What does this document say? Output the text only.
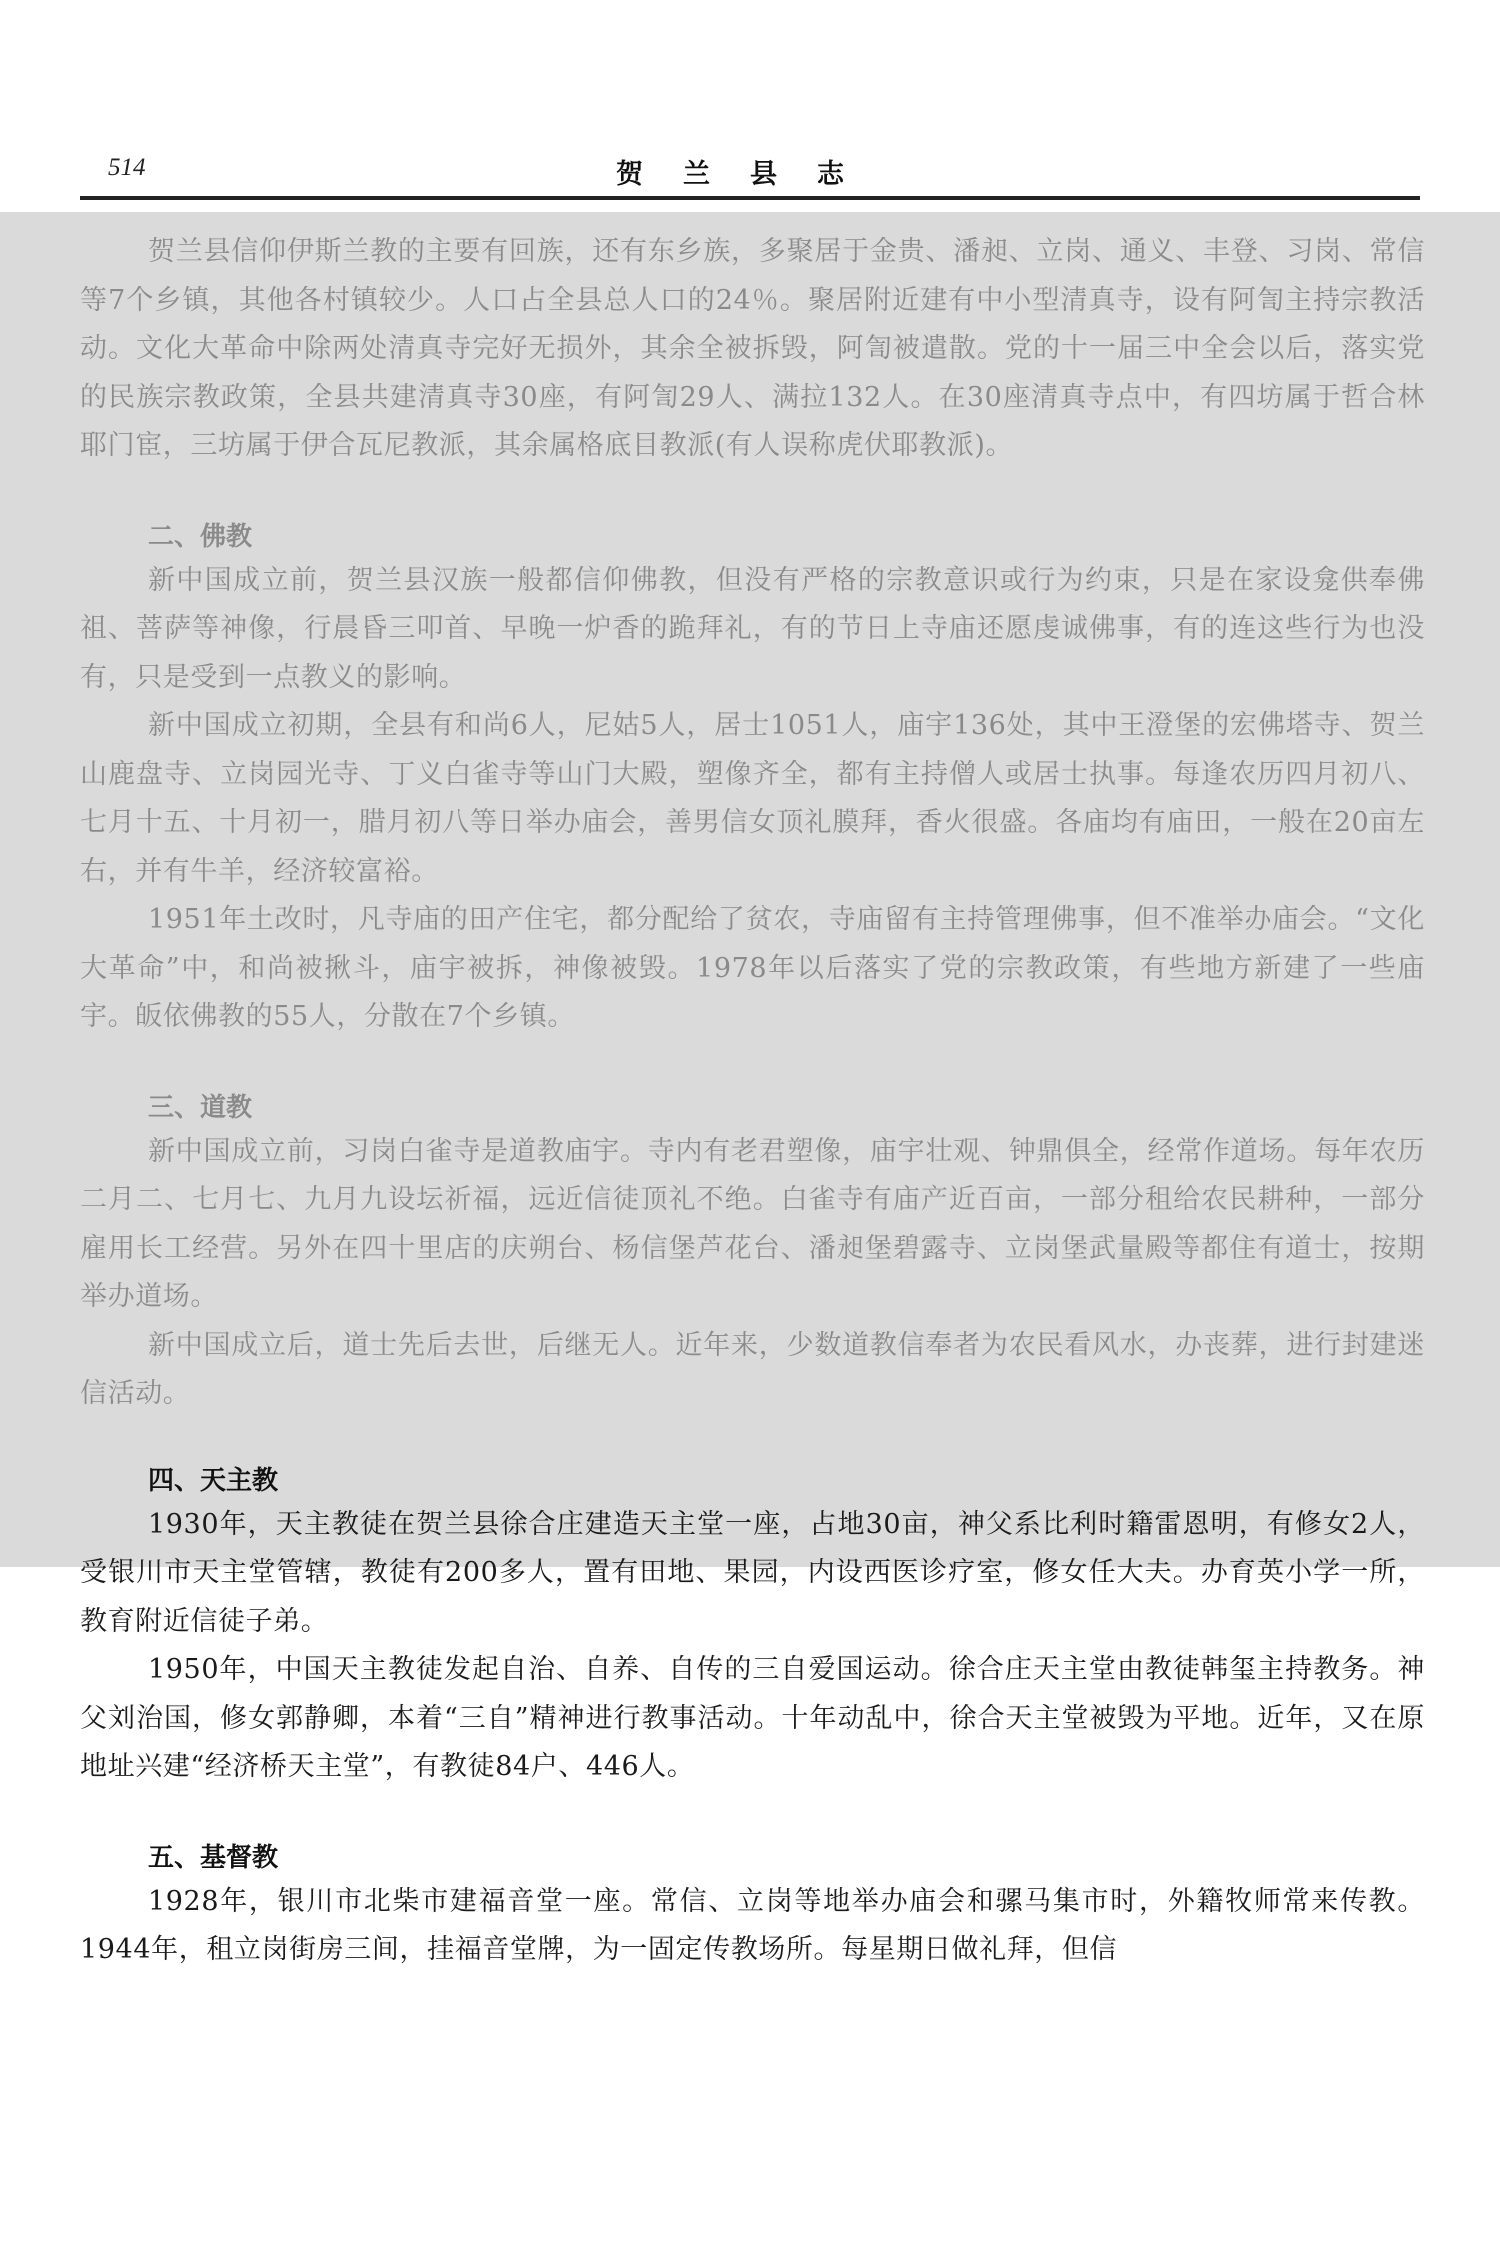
514	贺兰县志

贺兰县信仰伊斯兰教的主要有回族，还有东乡族，多聚居于金贵、潘昶、立岗、通义、丰登、习岗、常信等7个乡镇，其他各村镇较少。人口占全县总人口的24％。聚居附近建有中小型清真寺，设有阿訇主持宗教活动。文化大革命中除两处清真寺完好无损外，其余全被拆毁，阿訇被遣散。党的十一届三中全会以后，落实党的民族宗教政策，全县共建清真寺30座，有阿訇29人、满拉132人。在30座清真寺点中，有四坊属于哲合林耶门宦，三坊属于伊合瓦尼教派，其余属格底目教派(有人误称虎伏耶教派)。

二、佛教

新中国成立前，贺兰县汉族一般都信仰佛教，但没有严格的宗教意识或行为约束，只是在家设龛供奉佛祖、菩萨等神像，行晨昏三叩首、早晚一炉香的跪拜礼，有的节日上寺庙还愿虔诚佛事，有的连这些行为也没有，只是受到一点教义的影响。

新中国成立初期，全县有和尚6人，尼姑5人，居士1051人，庙宇136处，其中王澄堡的宏佛塔寺、贺兰山鹿盘寺、立岗园光寺、丁义白雀寺等山门大殿，塑像齐全，都有主持僧人或居士执事。每逢农历四月初八、七月十五、十月初一，腊月初八等日举办庙会，善男信女顶礼膜拜，香火很盛。各庙均有庙田，一般在20亩左右，并有牛羊，经济较富裕。

1951年土改时，凡寺庙的田产住宅，都分配给了贫农，寺庙留有主持管理佛事，但不准举办庙会。“文化大革命”中，和尚被揪斗，庙宇被拆，神像被毁。1978年以后落实了党的宗教政策，有些地方新建了一些庙宇。皈依佛教的55人，分散在7个乡镇。

三、道教

新中国成立前，习岗白雀寺是道教庙宇。寺内有老君塑像，庙宇壮观、钟鼎俱全，经常作道场。每年农历二月二、七月七、九月九设坛祈福，远近信徒顶礼不绝。白雀寺有庙产近百亩，一部分租给农民耕种，一部分雇用长工经营。另外在四十里店的庆朔台、杨信堡芦花台、潘昶堡碧露寺、立岗堡武量殿等都住有道士，按期举办道场。

新中国成立后，道士先后去世，后继无人。近年来，少数道教信奉者为农民看风水，办丧葬，进行封建迷信活动。

四、天主教

1930年，天主教徒在贺兰县徐合庄建造天主堂一座，占地30亩，神父系比利时籍雷恩明，有修女2人，受银川市天主堂管辖，教徒有200多人，置有田地、果园，内设西医诊疗室，修女任大夫。办育英小学一所，教育附近信徒子弟。

1950年，中国天主教徒发起自治、自养、自传的三自爱国运动。徐合庄天主堂由教徒韩玺主持教务。神父刘治国，修女郭静卿，本着“三自”精神进行教事活动。十年动乱中，徐合天主堂被毁为平地。近年，又在原地址兴建“经济桥天主堂”，有教徒84户、446人。

五、基督教

1928年，银川市北柴市建福音堂一座。常信、立岗等地举办庙会和骡马集市时，外籍牧师常来传教。1944年，租立岗街房三间，挂福音堂牌，为一固定传教场所。每星期日做礼拜，但信
